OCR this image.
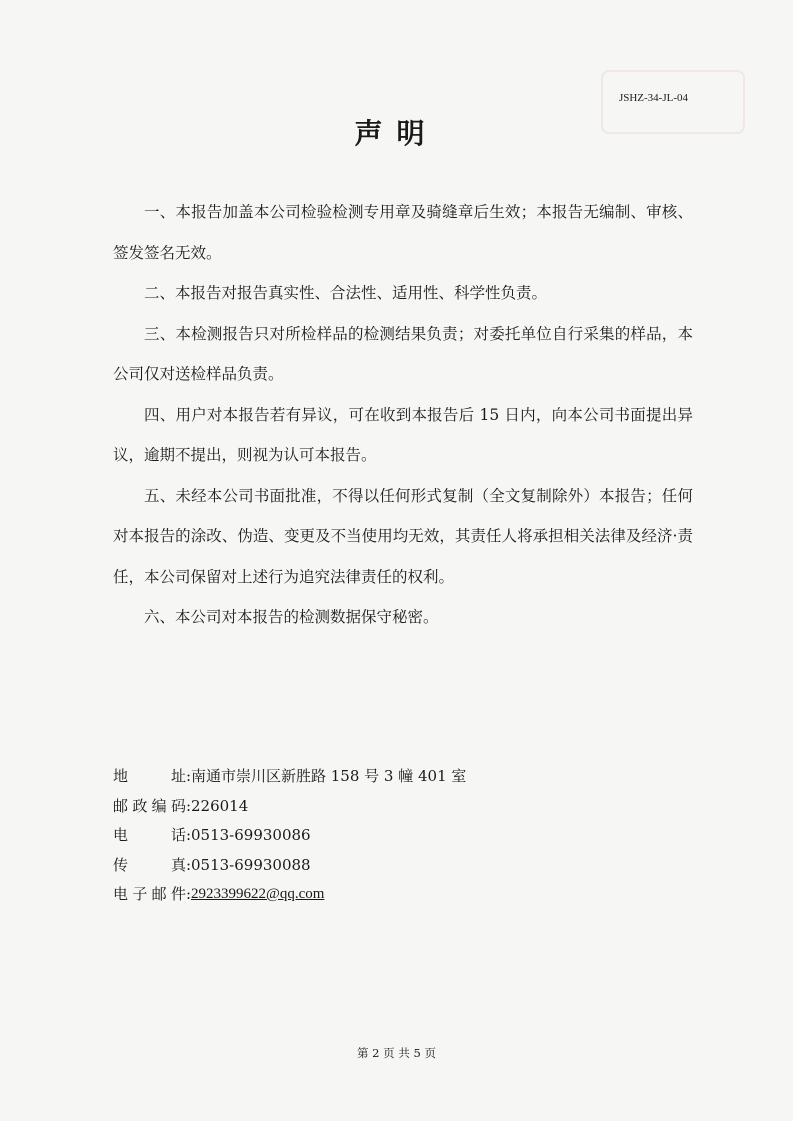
JSHZ-34-JL-04
声明

一、本报告加盖本公司检验检测专用章及骑缝章后生效；本报告无编制、审核、签发签名无效。

二、本报告对报告真实性、合法性、适用性、科学性负责。

三、本检测报告只对所检样品的检测结果负责；对委托单位自行采集的样品，本公司仅对送检样品负责。

四、用户对本报告若有异议，可在收到本报告后 15 日内，向本公司书面提出异议，逾期不提出，则视为认可本报告。

五、未经本公司书面批准，不得以任何形式复制（全文复制除外）本报告；任何对本报告的涂改、伪造、变更及不当使用均无效，其责任人将承担相关法律及经济·责任，本公司保留对上述行为追究法律责任的权利。

六、本公司对本报告的检测数据保守秘密。

地址 : 南通市崇川区新胜路 158 号 3 幢 401 室
邮政编码 : 226014
电话 : 0513-69930086
传真 : 0513-69930088
电子邮件 : 2923399622@qq.com
第 2 页 共 5 页
